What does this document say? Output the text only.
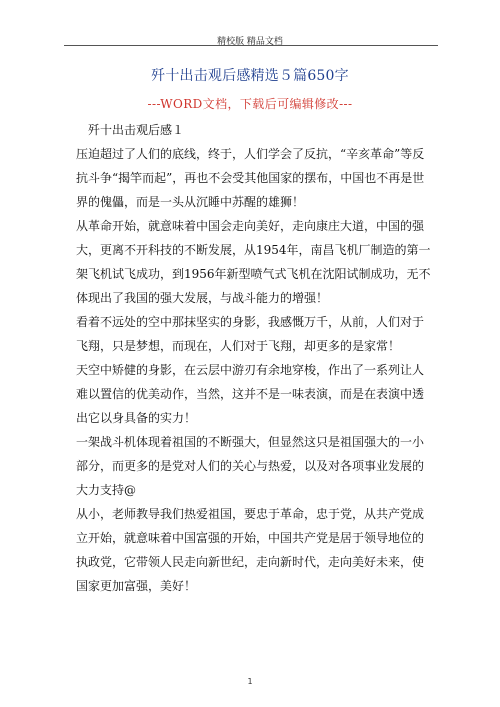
精校版 精品文档
歼十出击观后感精选５篇650字
---WORD文档，下载后可编辑修改---

歼十出击观后感１

压迫超过了人们的底线，终于，人们学会了反抗，“辛亥革命”等反抗斗争“揭竿而起”，再也不会受其他国家的摆布，中国也不再是世界的傀儡，而是一头从沉睡中苏醒的雄狮！

从革命开始，就意味着中国会走向美好，走向康庄大道，中国的强大，更离不开科技的不断发展，从1954年，南昌飞机厂制造的第一架飞机试飞成功，到1956年新型喷气式飞机在沈阳试制成功，无不体现出了我国的强大发展，与战斗能力的增强！

看着不远处的空中那抹坚实的身影，我感慨万千，从前，人们对于飞翔，只是梦想，而现在，人们对于飞翔，却更多的是家常！

天空中矫健的身影，在云层中游刃有余地穿梭，作出了一系列让人难以置信的优美动作，当然，这并不是一味表演，而是在表演中透出它以身具备的实力！

一架战斗机体现着祖国的不断强大，但显然这只是祖国强大的一小部分，而更多的是党对人们的关心与热爱，以及对各项事业发展的大力支持@

从小，老师教导我们热爱祖国，要忠于革命，忠于党，从共产党成立开始，就意味着中国富强的开始，中国共产党是居于领导地位的执政党，它带领人民走向新世纪，走向新时代，走向美好未来，使国家更加富强，美好！

1
